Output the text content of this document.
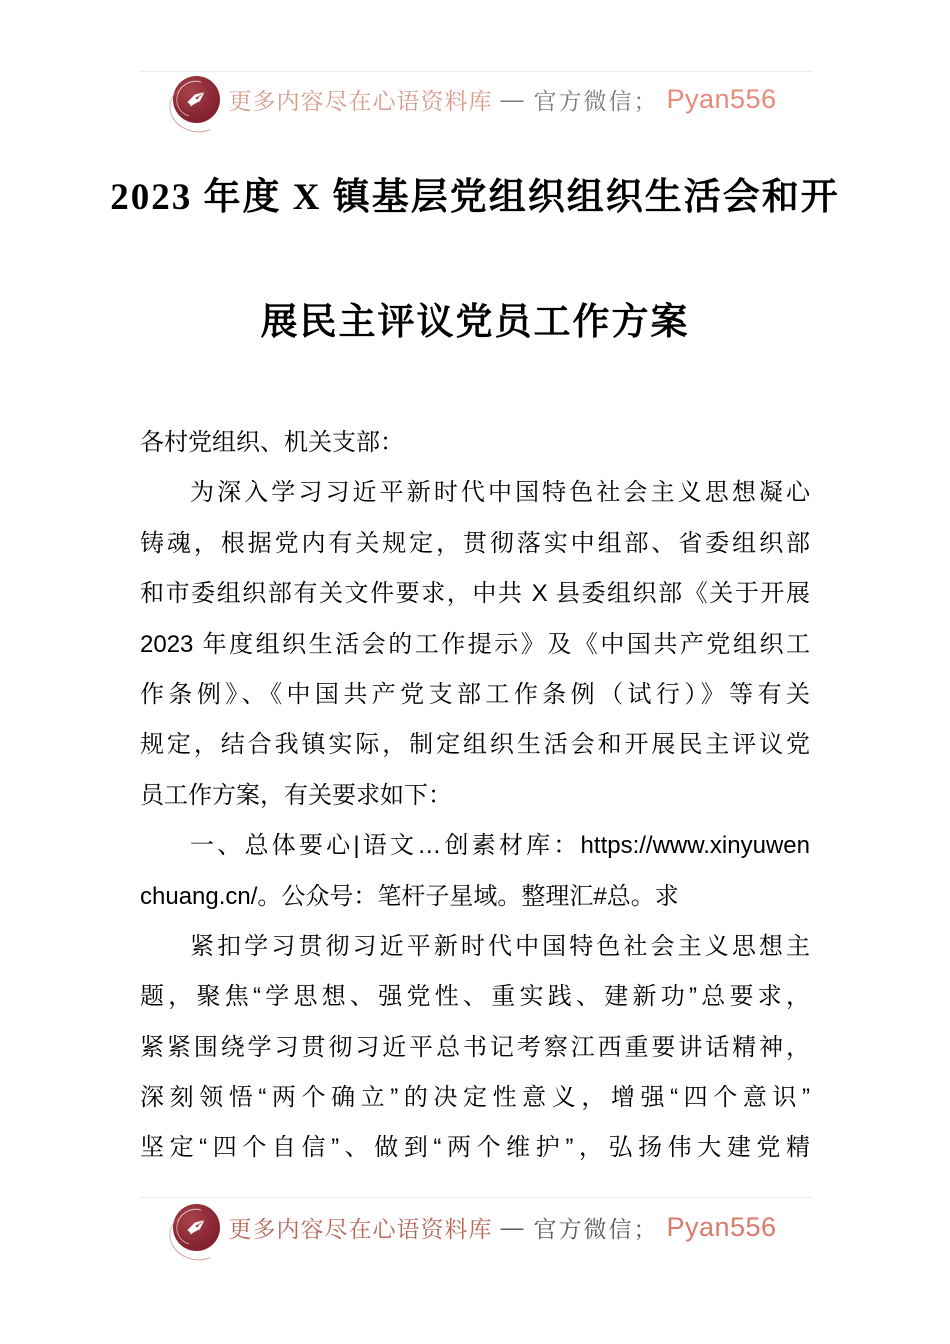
✒ 更多内容尽在心语资料库 — 官方微信； Pyan556
2023 年度 X 镇基层党组织组织生活会和开
展民主评议党员工作方案
各村党组织、机关支部：
为深入学习习近平新时代中国特色社会主义思想凝心
铸魂，根据党内有关规定，贯彻落实中组部、省委组织部
和市委组织部有关文件要求，中共 X 县委组织部《关于开展
2023 年度组织生活会的工作提示》及《中国共产党组织工
作条例》、《中国共产党支部工作条例（试行）》等有关
规定，结合我镇实际，制定组织生活会和开展民主评议党
员工作方案，有关要求如下：
一、总体要心|语文…创素材库：https://www.xinyuwen
chuang.cn/。公众号：笔杆子星域。整理汇#总。求
紧扣学习贯彻习近平新时代中国特色社会主义思想主
题，聚焦“学思想、强党性、重实践、建新功”总要求，
紧紧围绕学习贯彻习近平总书记考察江西重要讲话精神，
深刻领悟“两个确立”的决定性意义，增强“四个意识”
坚定“四个自信”、做到“两个维护”，弘扬伟大建党精
✒ 更多内容尽在心语资料库 — 官方微信； Pyan556
